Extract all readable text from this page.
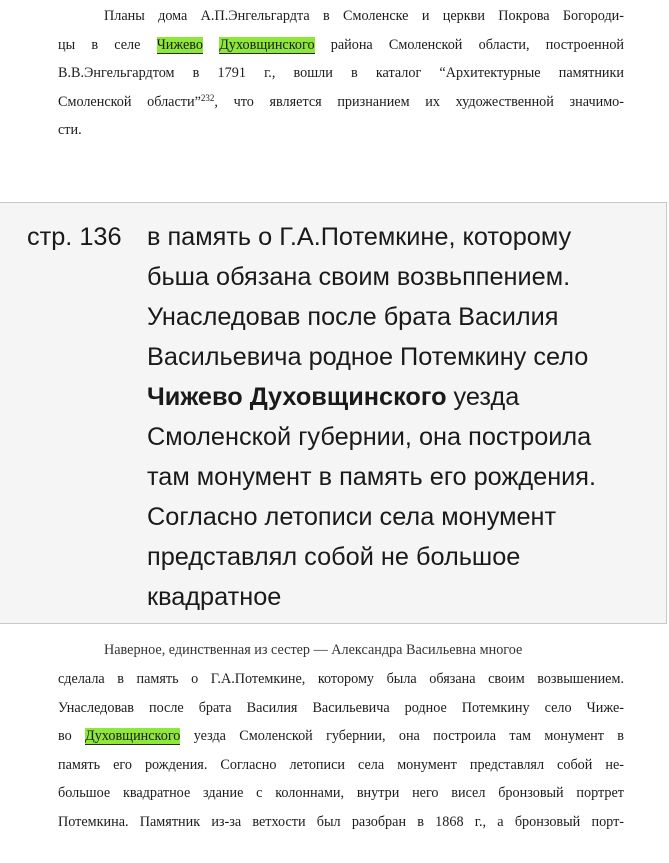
Планы дома А.П.Энгельгардта в Смоленске и церкви Покрова Богороди-
цы в селе Чижево Духовщинского района Смоленской области, построенной
В.В.Энгельгардтом в 1791 г., вошли в каталог “Архитектурные памятники
Смоленской области”$^{232}$, что является признанием их художественной значимо-
сти.
стр. 136 в память о Г.А.Потемкине, которому
бьша обязана своим возвьппением.
Унаследовав после брата Василия
Васильевича родное Потемкину село
Чижево Духовщинского уезда
Смоленской губернии, она построила
там монумент в память его рождения.
Согласно летописи села монумент
представлял собой не большое
квадратное
Наверное, единственная из сестер — Александра Васильевна многое
сделала в память о Г.А.Потемкине, которому была обязана своим возвышением.
Унаследовав после брата Василия Васильевича родное Потемкину село Чиже-
во Духовщинского уезда Смоленской губернии, она построила там монумент в
память его рождения. Согласно летописи села монумент представлял собой не-
большое квадратное здание с колоннами, внутри него висел бронзовый портрет
Потемкина. Памятник из-за ветхости был разобран в 1868 г., а бронзовый порт-
